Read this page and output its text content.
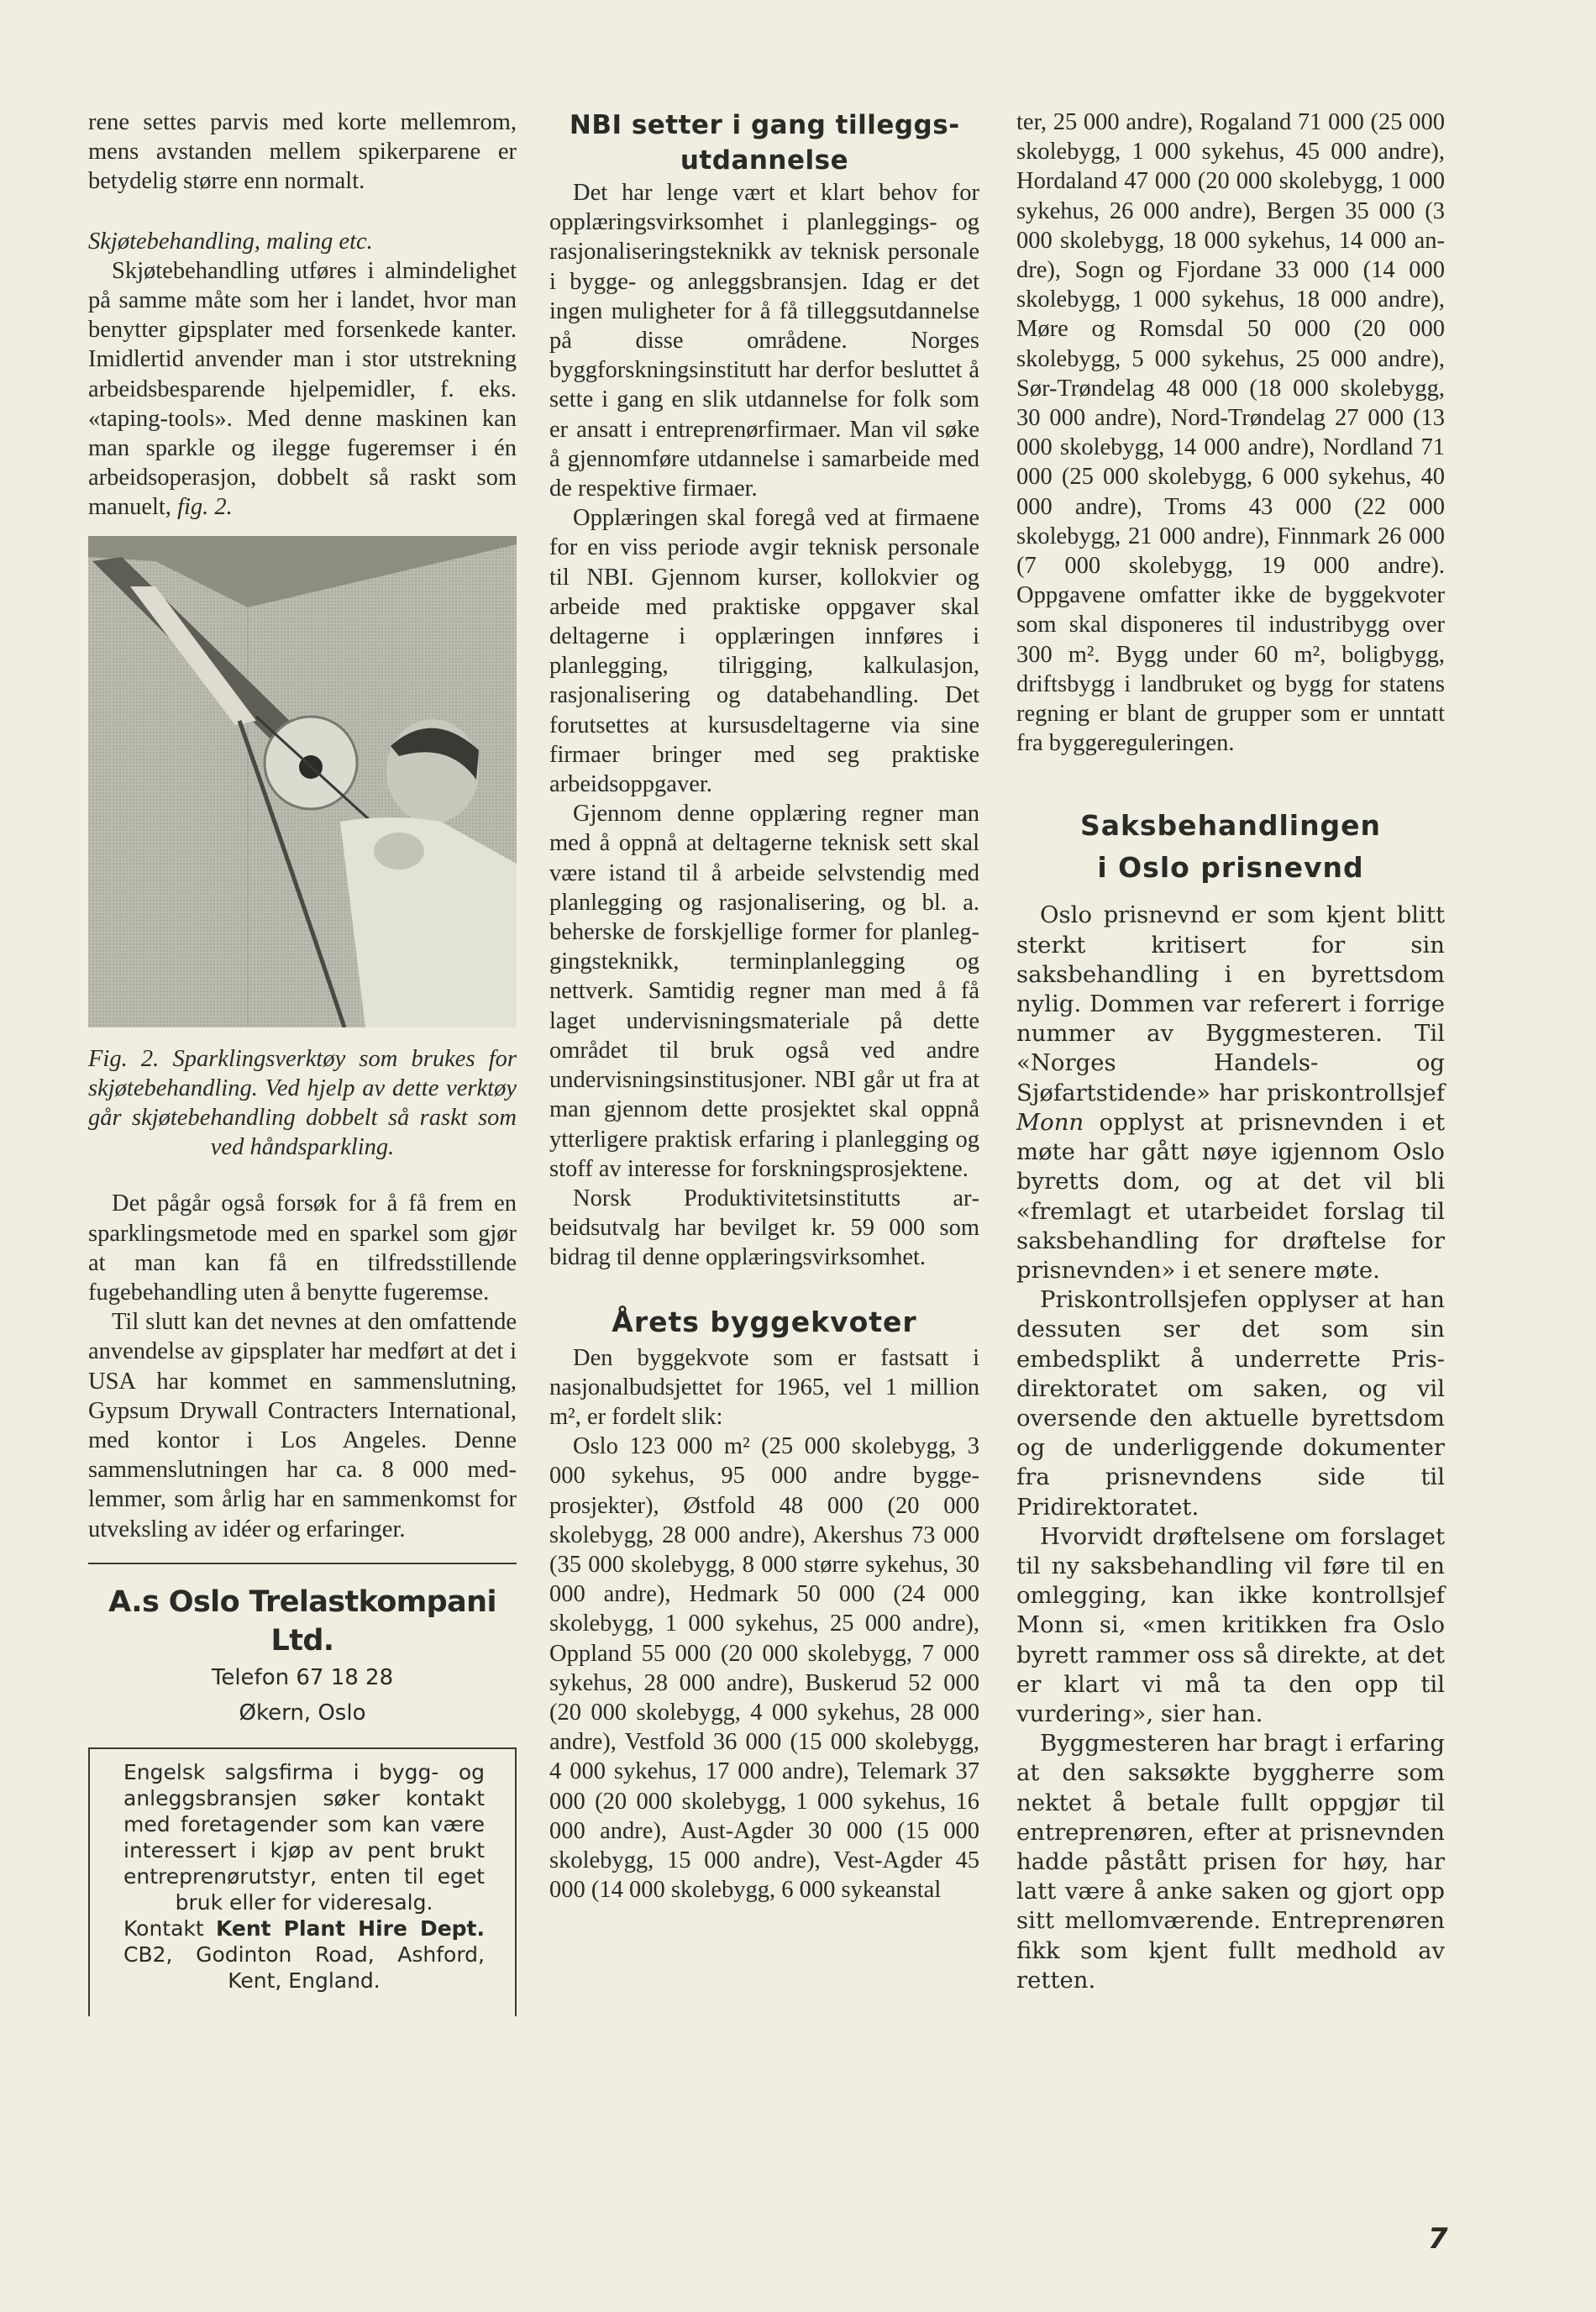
rene settes parvis med korte mellemrom, mens avstanden mellem spikerparene er betydelig større enn normalt.

Skjøtebehandling, maling etc.

Skjøtebehandling utføres i almindelighet på samme måte som her i landet, hvor man benytter gipsplater med forsenkede kanter. Imidlertid anvender man i stor utstrekning arbeidsbesparende hjelpemidler, f. eks. «taping-tools». Med denne maskinen kan man sparkle og ilegge fugeremser i én arbeidsoperasjon, dobbelt så raskt som manuelt, fig. 2.

Fig. 2. Sparklingsverktøy som brukes for skjøtebehandling. Ved hjelp av dette verktøy går skjøtebehandling dobbelt så raskt som ved håndsparkling.

Det pågår også forsøk for å få frem en sparklingsmetode med en sparkel som gjør at man kan få en tilfredsstillende fugebehandling uten å benytte fugeremse.

Til slutt kan det nevnes at den omfattende anvendelse av gipsplater har medført at det i USA har kommet en sammenslutning, Gypsum Drywall Contracters International, med kontor i Los Angeles. Denne sammenslutningen har ca. 8 000 medlemmer, som årlig har en sammenkomst for utveksling av idéer og erfaringer.

A.s Oslo Trelastkompani Ltd.
Telefon 67 18 28
Økern, Oslo
Engelsk salgsfirma i bygg- og
anleggsbransjen søker kontakt
med foretagender som kan være
interessert i kjøp av pent brukt
entreprenørutstyr, enten til eget
bruk eller for videresalg.
Kontakt Kent Plant Hire Dept.
CB2, Godinton Road, Ashford,
Kent, England.
NBI setter i gang tilleggsutdannelse

Det har lenge vært et klart behov for opplæringsvirksomhet i planleggings- og rasjonaliseringsteknikk av teknisk personale i bygge- og anleggsbransjen. Idag er det ingen muligheter for å få tilleggsutdannelse på disse områdene. Norges byggforskningsinstitutt har derfor besluttet å sette i gang en slik utdannelse for folk som er ansatt i entreprenørfirmaer. Man vil søke å gjennomføre utdannelse i samarbeide med de respektive firmaer.

Opplæringen skal foregå ved at firmaene for en viss periode avgir teknisk personale til NBI. Gjennom kurser, kollokvier og arbeide med praktiske oppgaver skal deltagerne i opplæringen innføres i planlegging, tilrigging, kalkulasjon, rasjonalisering og databehandling. Det forutsettes at kursusdeltagerne via sine firmaer bringer med seg praktiske arbeidsoppgaver.

Gjennom denne opplæring regner man med å oppnå at deltagerne teknisk sett skal være istand til å arbeide selvstendig med planlegging og rasjonalisering, og bl. a. beherske de forskjellige former for planleggingsteknikk, terminplanlegging og nettverk. Samtidig regner man med å få laget undervisningsmateriale på dette området til bruk også ved andre undervisningsinstitusjoner. NBI går ut fra at man gjennom dette prosjektet skal oppnå ytterligere praktisk erfaring i planlegging og stoff av interesse for forskningsprosjektene.

Norsk Produktivitetsinstitutts arbeidsutvalg har bevilget kr. 59 000 som bidrag til denne opplæringsvirksomhet.

Årets byggekvoter

Den byggekvote som er fastsatt i nasjonalbudsjettet for 1965, vel 1 million m², er fordelt slik:

Oslo 123 000 m² (25 000 skolebygg, 3 000 sykehus, 95 000 andre byggeprosjekter), Østfold 48 000 (20 000 skolebygg, 28 000 andre), Akershus 73 000 (35 000 skolebygg, 8 000 større sykehus, 30 000 andre), Hedmark 50 000 (24 000 skolebygg, 1 000 sykehus, 25 000 andre), Oppland 55 000 (20 000 skolebygg, 7 000 sykehus, 28 000 andre), Buskerud 52 000 (20 000 skolebygg, 4 000 sykehus, 28 000 andre), Vestfold 36 000 (15 000 skolebygg, 4 000 sykehus, 17 000 andre), Telemark 37 000 (20 000 skolebygg, 1 000 sykehus, 16 000 andre), Aust-Agder 30 000 (15 000 skolebygg, 15 000 andre), Vest-Agder 45 000 (14 000 skolebygg, 6 000 sykeanstal

ter, 25 000 andre), Rogaland 71 000 (25 000 skolebygg, 1 000 sykehus, 45 000 andre), Hordaland 47 000 (20 000 skolebygg, 1 000 sykehus, 26 000 andre), Bergen 35 000 (3 000 skolebygg, 18 000 sykehus, 14 000 andre), Sogn og Fjordane 33 000 (14 000 skolebygg, 1 000 sykehus, 18 000 andre), Møre og Romsdal 50 000 (20 000 skolebygg, 5 000 sykehus, 25 000 andre), Sør-Trøndelag 48 000 (18 000 skolebygg, 30 000 andre), Nord-Trøndelag 27 000 (13 000 skolebygg, 14 000 andre), Nordland 71 000 (25 000 skolebygg, 6 000 sykehus, 40 000 andre), Troms 43 000 (22 000 skolebygg, 21 000 andre), Finnmark 26 000 (7 000 skolebygg, 19 000 andre). Oppgavene omfatter ikke de byggekvoter som skal disponeres til industribygg over 300 m². Bygg under 60 m², boligbygg, driftsbygg i landbruket og bygg for statens regning er blant de grupper som er unntatt fra byggereguleringen.

Saksbehandlingen
i Oslo prisnevnd

Oslo prisnevnd er som kjent blitt sterkt kritisert for sin saksbehandling i en byrettsdom nylig. Dommen var referert i forrige nummer av Byggmesteren. Til «Norges Handels- og Sjøfartstidende» har priskontrollsjef Monn opplyst at prisnevnden i et møte har gått nøye igjennom Oslo byretts dom, og at det vil bli «fremlagt et utarbeidet forslag til saksbehandling for drøftelse for prisnevnden» i et senere møte.

Priskontrollsjefen opplyser at han dessuten ser det som sin embedsplikt å underrette Prisdirektoratet om saken, og vil oversende den aktuelle byrettsdom og de underliggende dokumenter fra prisnevndens side til Pridirektoratet.

Hvorvidt drøftelsene om forslaget til ny saksbehandling vil føre til en omlegging, kan ikke kontrollsjef Monn si, «men kritikken fra Oslo byrett rammer oss så direkte, at det er klart vi må ta den opp til vurdering», sier han.

Byggmesteren har bragt i erfaring at den saksøkte byggherre som nektet å betale fullt oppgjør til entreprenøren, efter at prisnevnden hadde påstått prisen for høy, har latt være å anke saken og gjort opp sitt mellomværende. Entreprenøren fikk som kjent fullt medhold av retten.

7
